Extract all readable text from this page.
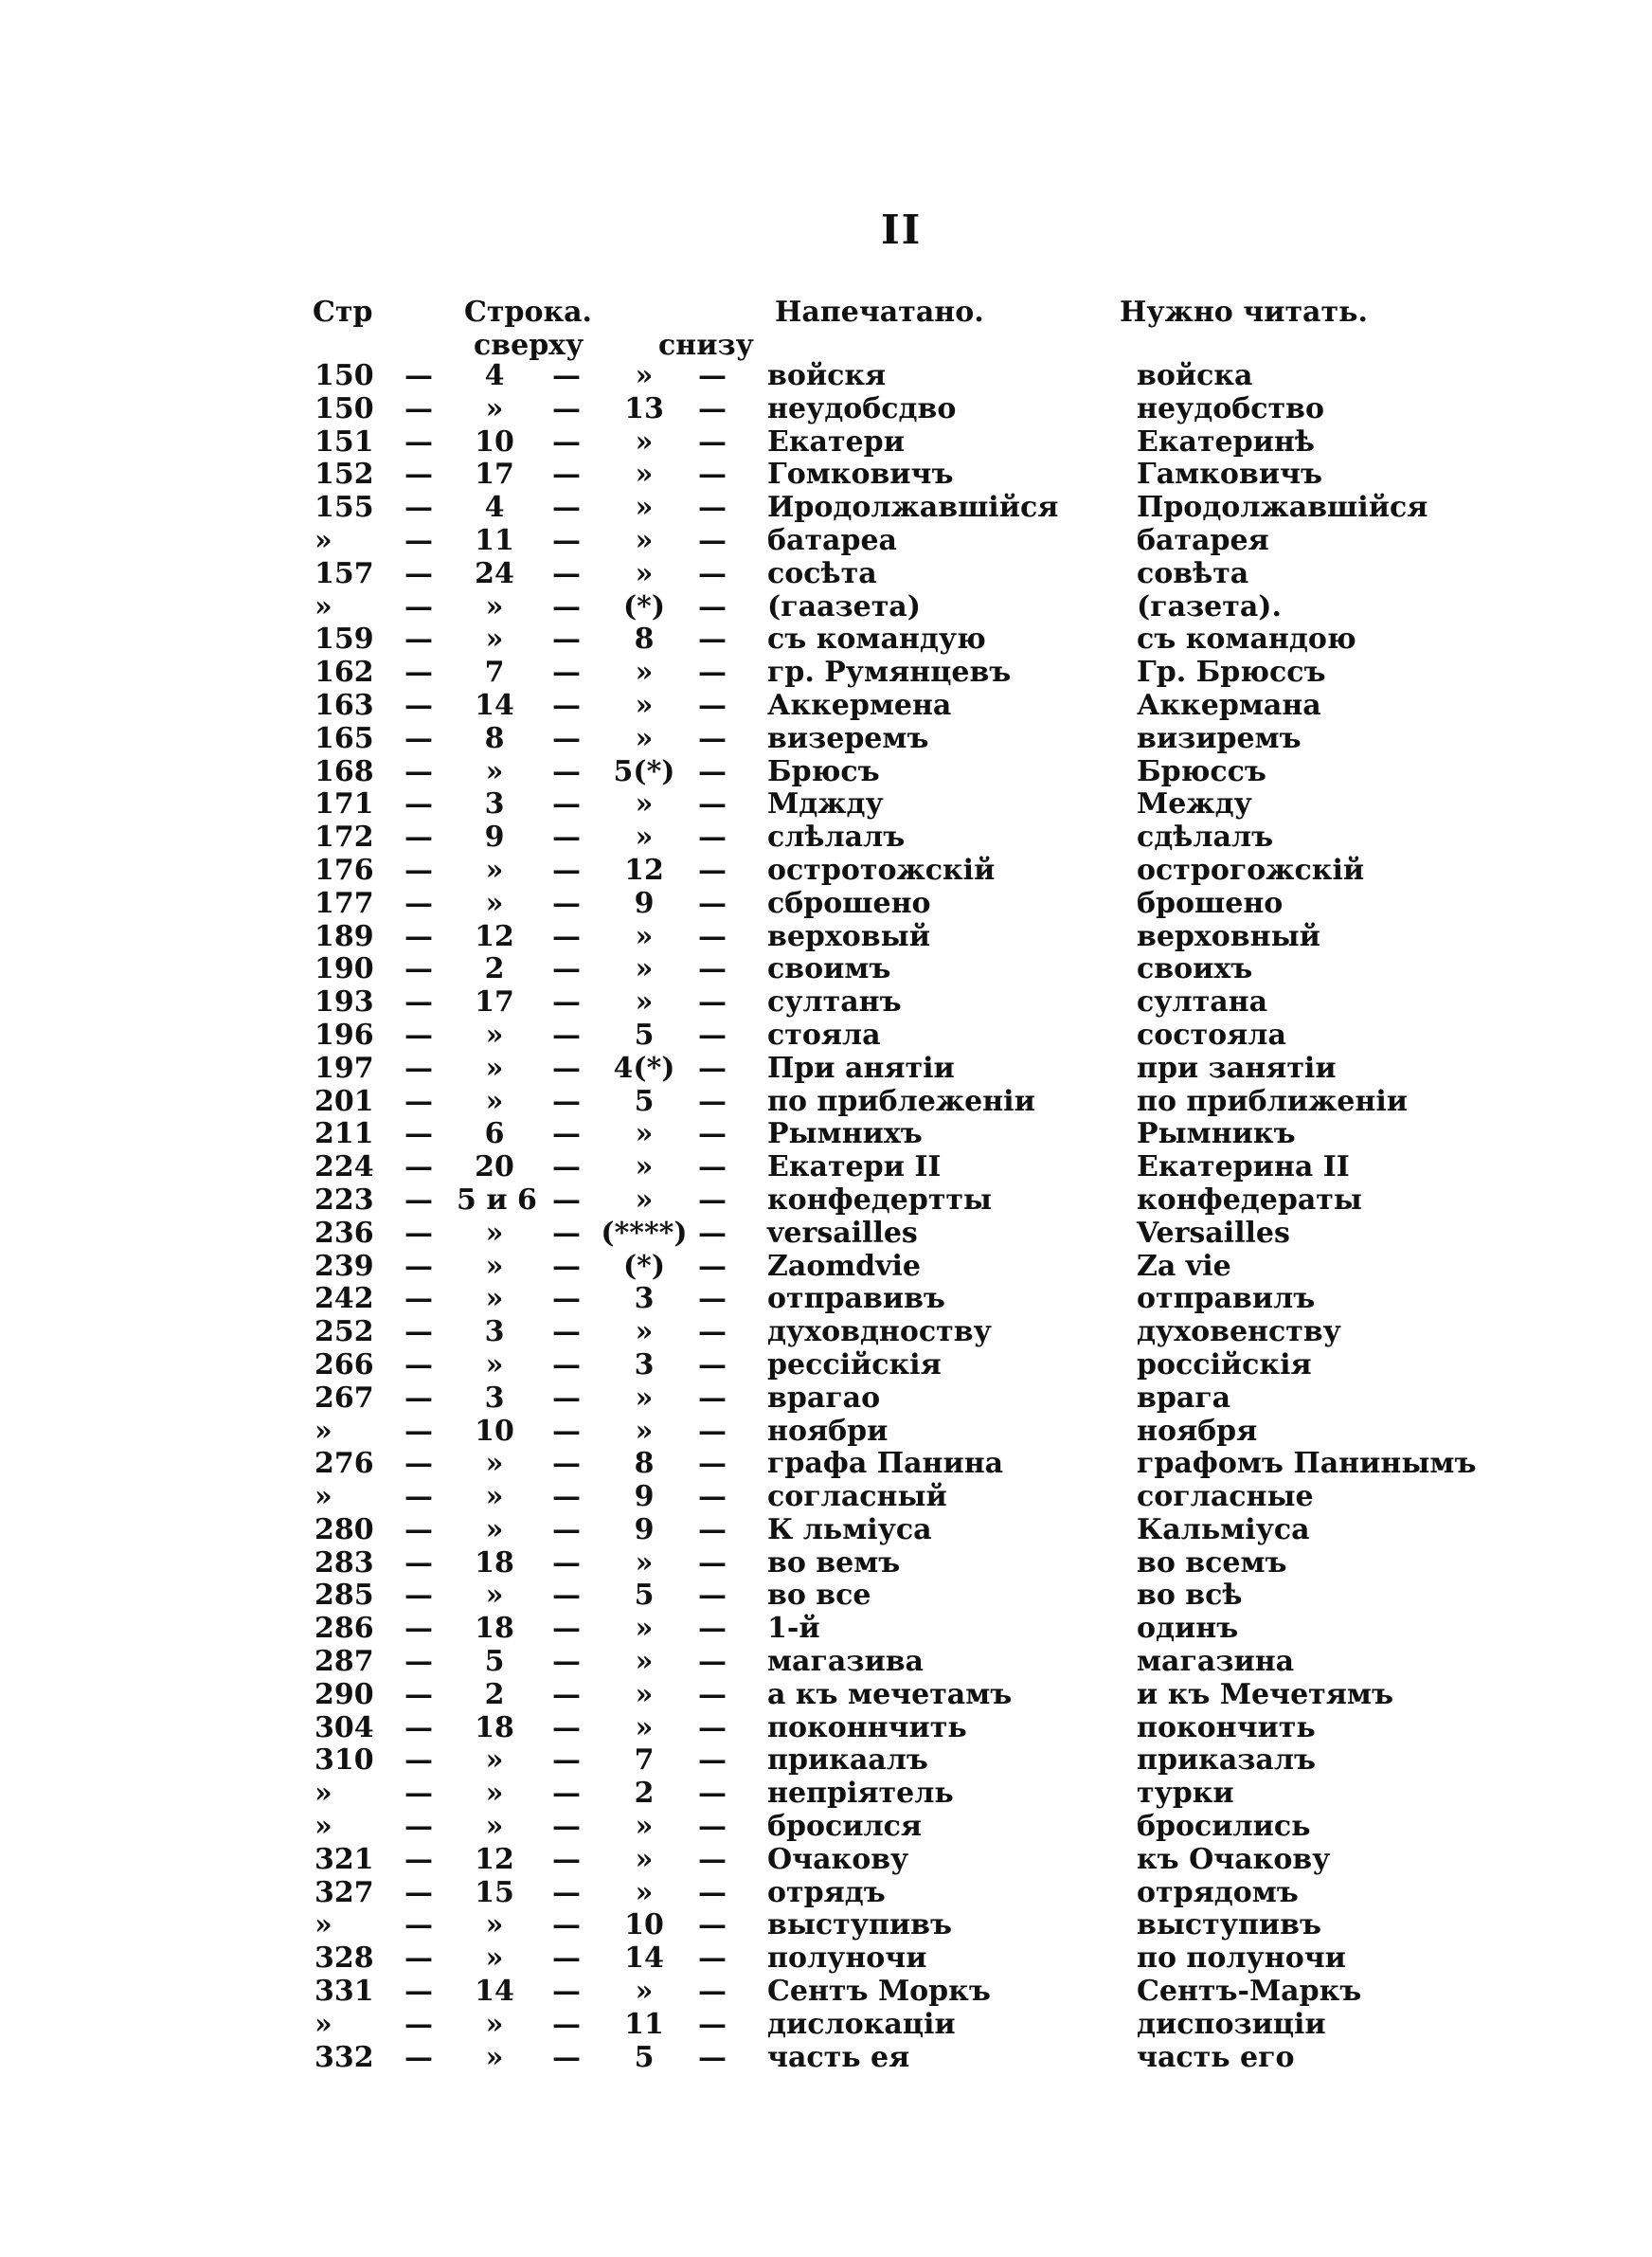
II
Стр	Строка.
сверху	снизу
Напечатано.	Нужно читать.
150 —	4	—	»	— войскя	войска
150 —	»	—	13	— неудобсдво	неудобство
151 —	10	—	»	— Екатери	Екатеринѣ
152 —	17	—	»	— Гомковичъ	Гамковичъ
155 —	4	—	»	— Иродолжавшійся	Продолжавшійся
»	—	11	—	»	— батареа	батарея
157 —	24	—	»	— сосѣта	совѣта
»	—	»	—	(*)	— (гаазета)	(газета).
159 —	»	—	8	— съ командую	съ командою
162 —	7	—	»	— гр. Румянцевъ	Гр. Брюссъ
163 —	14	—	»	— Аккермена	Аккермана
165 —	8	—	»	— визеремъ	визиремъ
168 —	»	—	5(*) — Брюсъ	Брюссъ
171 —	3	—	»	— Мджду	Между
172 —	9	—	»	— слѣлалъ	сдѣлалъ
176 —	»	—	12	— остротожскій	острогожскій
177 —	»	—	9	— сброшено	брошено
189 —	12	—	»	— верховый	верховный
190 —	2	—	»	— своимъ	своихъ
193 —	17	—	»	— султанъ	султана
196 —	»	—	5	— стояла	состояла
197 —	»	—	4(*) — При анятіи	при занятіи
201 —	»	—	5	— по приблеженіи	по приближеніи
211 —	6	—	»	— Рымнихъ	Рымникъ
224 —	20	—	»	— Екатери II	Екатерина II
223 — 5 и 6 —	»	— конфедертты	конфедераты
236 —	»	— (****) — versailles	Versailles
239 —	»	—	(*)	— Zaomdvie	Za vie
242 —	»	—	3	— отправивъ	отправилъ
252 —	3	—	»	— духовдноству	духовенству
266 —	»	—	3	— рессійскія	россійскія
267 —	3	—	»	— врагао	врага
»	—	10	—	»	— ноябри	ноября
276 —	»	—	8	— графа Панина	графомъ Панинымъ
»	—	»	—	9	— согласный	согласные
280 —	»	—	9	— К льміуса	Кальміуса
283 —	18	—	»	— во вемъ	во всемъ
285 —	»	—	5	— во все	во всѣ
286 —	18	—	»	— 1-й	одинъ
287 —	5	—	»	— магазива	магазина
290 —	2	—	»	— а къ мечетамъ	и къ Мечетямъ
304 —	18	—	»	— поконнчить	покончить
310 —	»	—	7	— прикаалъ	приказалъ
»	—	»	—	2	— непріятель	турки
»	—	»	—	»	— бросился	бросились
321 —	12	—	»	— Очакову	къ Очакову
327 —	15	—	»	— отрядъ	отрядомъ
»	—	»	—	10	— выступивъ	выступивъ
328 —	»	—	14	— полуночи	по полуночи
331 —	14	—	»	— Сентъ Моркъ	Сентъ-Маркъ
»	—	»	—	11	— дислокаціи	диспозиціи
332 —	»	—	5	— часть ея	часть его
